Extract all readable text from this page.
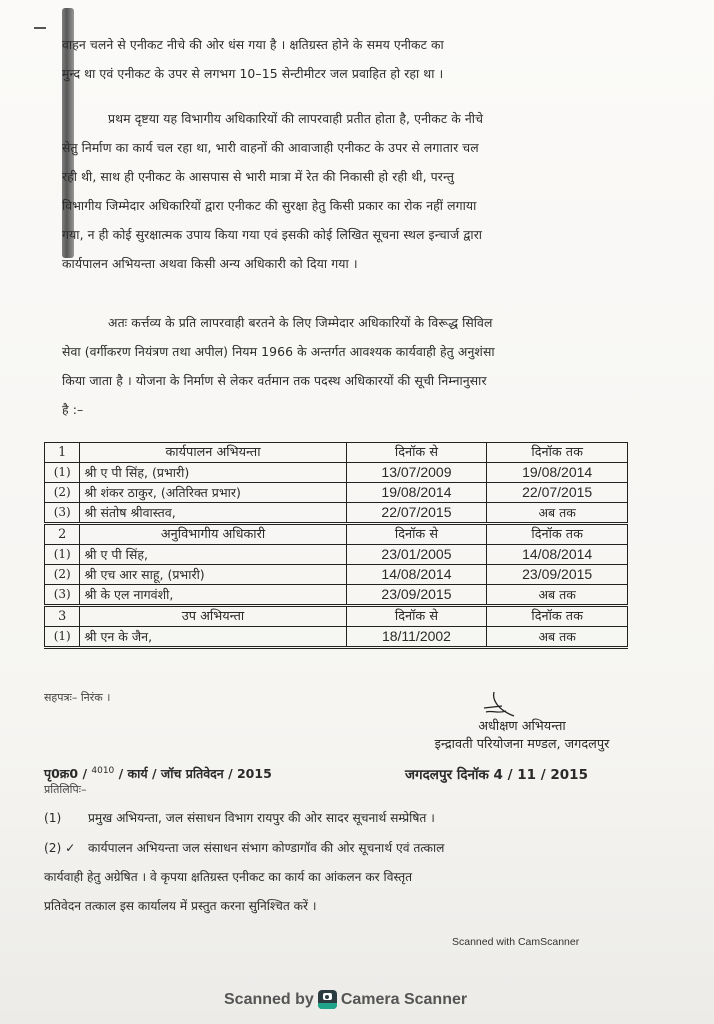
वाहन चलने से एनीकट नीचे की ओर धंस गया है । क्षतिग्रस्त होने के समय एनीकट का
मुन्द था एवं एनीकट के उपर से लगभग 10–15 सेन्टीमीटर जल प्रवाहित हो रहा था ।
प्रथम दृष्टया यह विभागीय अधिकारियों की लापरवाही प्रतीत होता है, एनीकट के नीचे
सेतु निर्माण का कार्य चल रहा था, भारी वाहनों की आवाजाही एनीकट के उपर से लगातार चल
रही थी, साथ ही एनीकट के आसपास से भारी मात्रा में रेत की निकासी हो रही थी, परन्तु
विभागीय जिम्मेदार अधिकारियों द्वारा एनीकट की सुरक्षा हेतु किसी प्रकार का रोक नहीं लगाया
गया, न ही कोई सुरक्षात्मक उपाय किया गया एवं इसकी कोई लिखित सूचना स्थल इन्चार्ज द्वारा
कार्यपालन अभियन्ता अथवा किसी अन्य अधिकारी को दिया गया ।
अतः कर्त्तव्य के प्रति लापरवाही बरतने के लिए जिम्मेदार अधिकारियों के विरूद्ध सिविल
सेवा (वर्गीकरण नियंत्रण तथा अपील) नियम 1966 के अन्तर्गत आवश्यक कार्यवाही हेतु अनुशंसा
किया जाता है । योजना के निर्माण से लेकर वर्तमान तक पदस्थ अधिकारयों की सूची निम्नानुसार
है :–
1	कार्यपालन अभियन्ता	दिनॉक से	दिनॉक तक
(1)	श्री ए पी सिंह, (प्रभारी)	13/07/2009	19/08/2014
(2)	श्री शंकर ठाकुर, (अतिरिक्त प्रभार)	19/08/2014	22/07/2015
(3)	श्री संतोष श्रीवास्तव,	22/07/2015	अब तक
2	अनुविभागीय अधिकारी	दिनॉक से	दिनॉक तक
(1)	श्री ए पी सिंह,	23/01/2005	14/08/2014
(2)	श्री एच आर साहू, (प्रभारी)	14/08/2014	23/09/2015
(3)	श्री के एल नागवंशी,	23/09/2015	अब तक
3	उप अभियन्ता	दिनॉक से	दिनॉक तक
(1)	श्री एन के जैन,	18/11/2002	अब तक
सहपत्रः– निरंक ।
अधीक्षण अभियन्ता
इन्द्रावती परियोजना मण्डल, जगदलपुर
जगदलपुर दिनॉक 4 / 11 / 2015
पृ0क्र0 / $^{4010}$ / कार्य / जॉच प्रतिवेदन / 2015
प्रतिलिपिः–
(1) प्रमुख अभियन्ता, जल संसाधन विभाग रायपुर की ओर सादर सूचनार्थ सम्प्रेषित ।
(2) ✓ कार्यपालन अभियन्ता जल संसाधन संभाग कोण्डागॉव की ओर सूचनार्थ एवं तत्काल
कार्यवाही हेतु अग्रेषित । वे कृपया क्षतिग्रस्त एनीकट का कार्य का आंकलन कर विस्तृत
प्रतिवेदन तत्काल इस कार्यालय में प्रस्तुत करना सुनिश्चित करें ।
Scanned with CamScanner
Scanned by Camera Scanner
